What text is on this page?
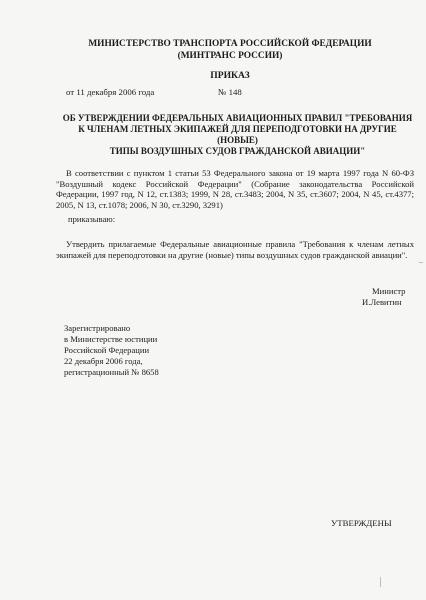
МИНИСТЕРСТВО ТРАНСПОРТА РОССИЙСКОЙ ФЕДЕРАЦИИ
(МИНТРАНС РОССИИ)
ПРИКАЗ
от 11 декабря 2006 года	№ 148
ОБ УТВЕРЖДЕНИИ ФЕДЕРАЛЬНЫХ АВИАЦИОННЫХ ПРАВИЛ "ТРЕБОВАНИЯ
К ЧЛЕНАМ ЛЕТНЫХ ЭКИПАЖЕЙ ДЛЯ ПЕРЕПОДГОТОВКИ НА ДРУГИЕ (НОВЫЕ)
ТИПЫ ВОЗДУШНЫХ СУДОВ ГРАЖДАНСКОЙ АВИАЦИИ"
В соответствии с пунктом 1 статьи 53 Федерального закона от 19 марта 1997 года N 60-ФЗ "Воздушный кодекс Российской Федерации" (Собрание законодательства Российской Федерации, 1997 год, N 12, ст.1383; 1999, N 28, ст.3483; 2004, N 35, ст.3607; 2004, N 45, ст.4377; 2005, N 13, ст.1078; 2006, N 30, ст.3290, 3291)
приказываю:
Утвердить прилагаемые Федеральные авиационные правила "Требования к членам летных экипажей для переподготовки на другие (новые) типы воздушных судов гражданской авиации".
Министр
И.Левитин
Зарегистрировано
в Министерстве юстиции
Российской Федерации
22 декабря 2006 года,
регистрационный № 8658
УТВЕРЖДЕНЫ
